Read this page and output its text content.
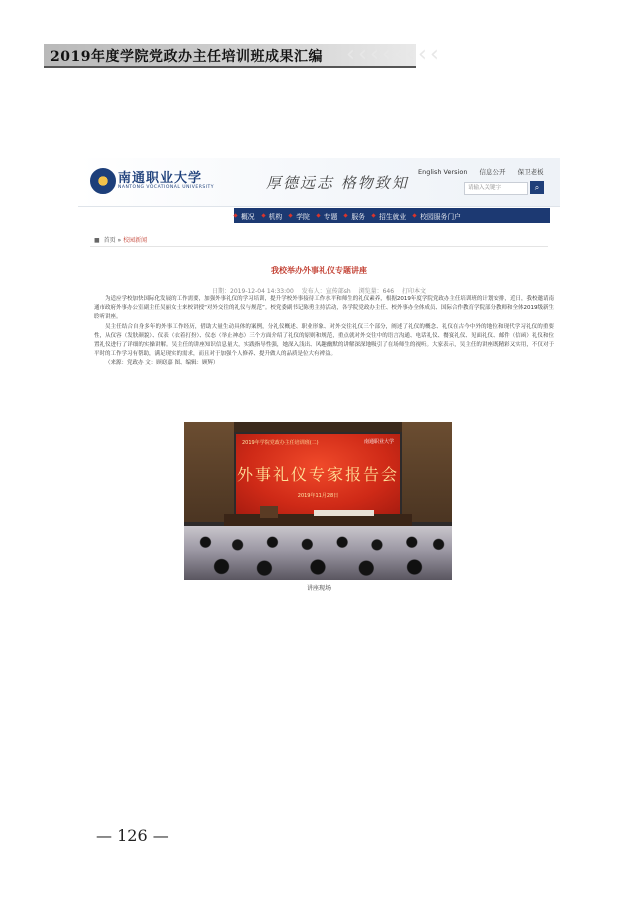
2019年度学院党政办主任培训班成果汇编 ‹ ‹ ‹ ‹ ‹ ‹ ‹ ‹
南通职业大学
NANTONG VOCATIONAL UNIVERSITY	厚德远志 格物致知
English Version 信息公开 保卫老板
请输入关键字	⌕
概况	机构	学院	专题	服务	招生就业	校园服务门户
■ 首页 » 校园新闻
我校举办外事礼仪专题讲座
日期：2019-12-04 14:33:00 发布人：宣传部sh 浏览量：646 打印本文

为适应学校加快国际化发展的工作需要，加强外事礼仪的学习培训，提升学校外事接待工作水平和师生的礼仪素养，根据2019年度学院党政办主任培训班的计划安排，近日，我校邀请南通市政府外事办公室副主任吴丽女士来校讲授“对外交往的礼仪与规范”。校党委副书记陈勇主持活动，各学院党政办主任、校外事办全体成员、国际合作教育学院部分教师和全体2019级新生聆听讲座。

吴主任结合自身多年的外事工作经历，借助大量生动具体的案例，分礼仪概述、职业形象、对外交往礼仪三个部分，阐述了礼仪的概念、礼仪在古今中外的地位和现代学习礼仪的重要性，从仪容（发肤颜貌）、仪表（衣着打扮）、仪态（举止神态）三个方面介绍了礼仪的原则和规范，重点就对外交往中的语言沟通、电话礼仪、餐宴礼仪、见面礼仪、邮件（信函）礼仪和位置礼仪进行了详细的实操讲解。吴主任的讲座知识信息量大，实践指导性强，她深入浅出、风趣幽默的讲解深深地吸引了在场师生的视听。大家表示，吴主任的讲座既精彩又实用，不仅对于平时的工作学习有帮助，满足现实的需求，而且对于加强个人修养、提升做人的品质是位大有裨益。

（来源：党政办 文：顾窈嘉 图、编辑：顾辉）

2019年学院党政办主任培训班(二)	南通职业大学
外事礼仪专家报告会
2019年11月28日
讲座现场
— 126 —
